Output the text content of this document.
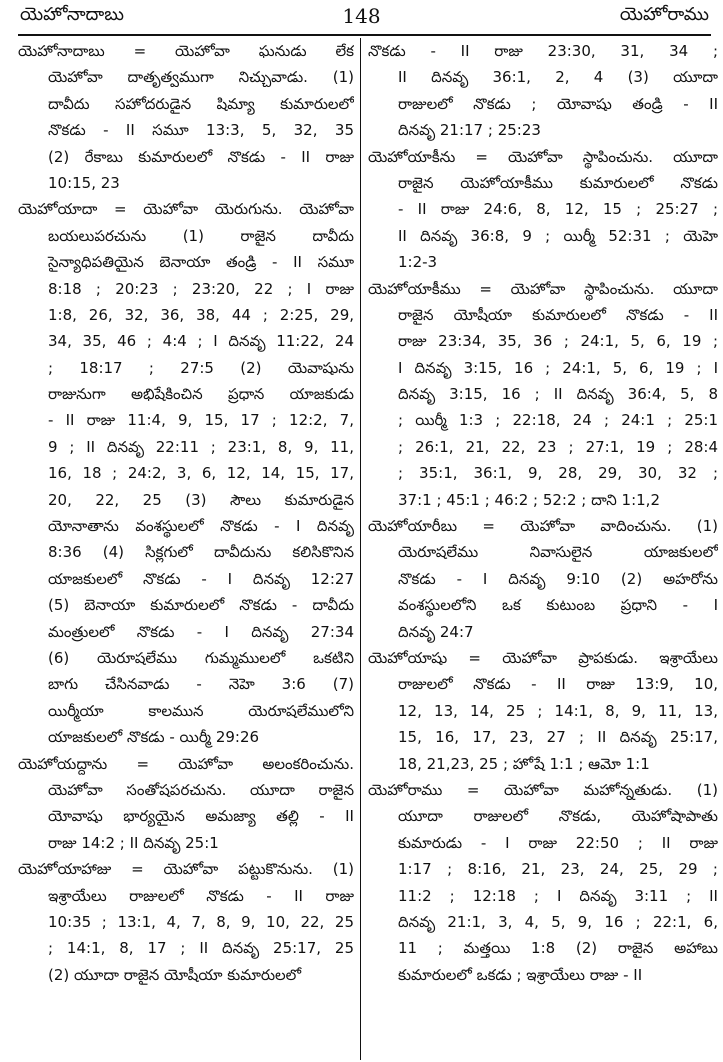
యెహోనాదాబు	148	యెహోరాము
యెహోనాదాబు = యెహోవా ఘనుడు లేక
యెహోవా దాతృత్వముగా నిచ్చువాడు. (1)
దావీదు సహోదరుడైన షిమ్యా కుమారులలో
నొకడు - II సమూ 13:3, 5, 32, 35
(2) రేకాబు కుమారులలో నొకడు - II రాజు
10:15, 23
యెహోయాదా = యెహోవా యెరుగును. యెహోవా
బయలుపరచును (1) రాజైన దావీదు
సైన్యాధిపతియైన బెనాయా తండ్రి - II సమూ
8:18 ; 20:23 ; 23:20, 22 ; I రాజు
1:8, 26, 32, 36, 38, 44 ; 2:25, 29,
34, 35, 46 ; 4:4 ; I దినవృ 11:22, 24
; 18:17 ; 27:5 (2) యెవాషును
రాజునుగా అభిషేకించిన ప్రధాన యాజకుడు
- II రాజు 11:4, 9, 15, 17 ; 12:2, 7,
9 ; II దినవృ 22:11 ; 23:1, 8, 9, 11,
16, 18 ; 24:2, 3, 6, 12, 14, 15, 17,
20, 22, 25 (3) సౌలు కుమారుడైన
యోనాతాను వంశస్థులలో నొకడు - I దినవృ
8:36 (4) సిక్లగులో దావీదును కలిసికొనిన
యాజకులలో నొకడు - I దినవృ 12:27
(5) బెనాయా కుమారులలో నొకడు - దావీదు
మంత్రులలో నొకడు - I దినవృ 27:34
(6) యెరూషలేము గుమ్మములలో ఒకటిని
బాగు చేసినవాడు - నెహె 3:6 (7)
యిర్మీయా కాలమున యెరూషలేములోని
యాజకులలో నొకడు - యిర్మీ 29:26
యెహోయద్దాను = యెహోవా అలంకరించును.
యెహోవా సంతోషపరచును. యూదా రాజైన
యోవాషు భార్యయైన అమజ్యా తల్లి - II
రాజు 14:2 ; II దినవృ 25:1
యెహోయాహాజు = యెహోవా పట్టుకొనును. (1)
ఇశ్రాయేలు రాజులలో నొకడు - II రాజు
10:35 ; 13:1, 4, 7, 8, 9, 10, 22, 25
; 14:1, 8, 17 ; II దినవృ 25:17, 25
(2) యూదా రాజైన యోషీయా కుమారులలో
నొకడు - II రాజు 23:30, 31, 34 ;
II దినవృ 36:1, 2, 4 (3) యూదా
రాజులలో నొకడు ; యోవాషు తండ్రి - II
దినవృ 21:17 ; 25:23
యెహోయాకీను = యెహోవా స్థాపించును. యూదా
రాజైన యెహోయాకీము కుమారులలో నొకడు
- II రాజు 24:6, 8, 12, 15 ; 25:27 ;
II దినవృ 36:8, 9 ; యిర్మీ 52:31 ; యెహె
1:2-3
యెహోయాకీము = యెహోవా స్థాపించును. యూదా
రాజైన యోషీయా కుమారులలో నొకడు - II
రాజు 23:34, 35, 36 ; 24:1, 5, 6, 19 ;
I దినవృ 3:15, 16 ; 24:1, 5, 6, 19 ; I
దినవృ 3:15, 16 ; II దినవృ 36:4, 5, 8
; యిర్మీ 1:3 ; 22:18, 24 ; 24:1 ; 25:1
; 26:1, 21, 22, 23 ; 27:1, 19 ; 28:4
; 35:1, 36:1, 9, 28, 29, 30, 32 ;
37:1 ; 45:1 ; 46:2 ; 52:2 ; దాని 1:1,2
యెహోయారీబు = యెహోవా వాదించును. (1)
యెరూషలేము నివాసులైన యాజకులలో
నొకడు - I దినవృ 9:10 (2) అహరోను
వంశస్థులలోని ఒక కుటుంబ ప్రధాని - I
దినవృ 24:7
యెహోయాషు = యెహోవా ప్రాపకుడు. ఇశ్రాయేలు
రాజులలో నొకడు - II రాజు 13:9, 10,
12, 13, 14, 25 ; 14:1, 8, 9, 11, 13,
15, 16, 17, 23, 27 ; II దినవృ 25:17,
18, 21,23, 25 ; హోషే 1:1 ; ఆమో 1:1
యెహోరాము = యెహోవా మహోన్నతుడు. (1)
యూదా రాజులలో నొకడు, యెహోషాపాతు
కుమారుడు - I రాజు 22:50 ; II రాజు
1:17 ; 8:16, 21, 23, 24, 25, 29 ;
11:2 ; 12:18 ; I దినవృ 3:11 ; II
దినవృ 21:1, 3, 4, 5, 9, 16 ; 22:1, 6,
11 ; మత్తయి 1:8 (2) రాజైన అహాబు
కుమారులలో ఒకడు ; ఇశ్రాయేలు రాజు - II
